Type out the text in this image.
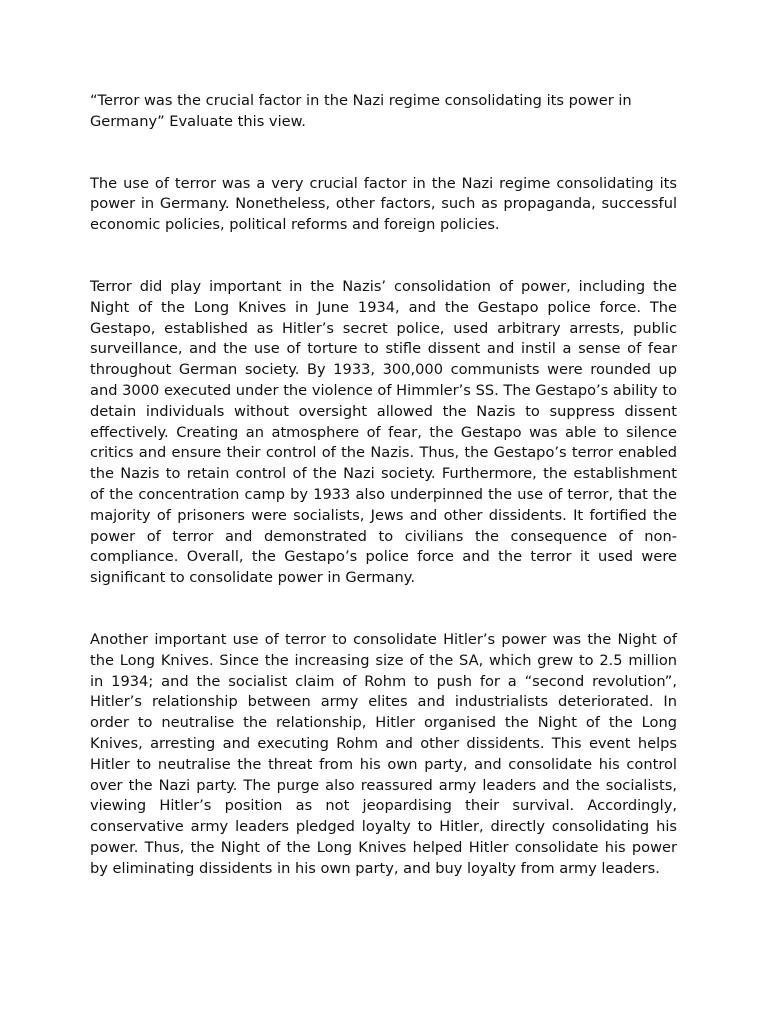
“Terror was the crucial factor in the Nazi regime consolidating its power in Germany” Evaluate this view.

The use of terror was a very crucial factor in the Nazi regime consolidating its power in Germany. Nonetheless, other factors, such as propaganda, successful economic policies, political reforms and foreign policies.

Terror did play important in the Nazis’ consolidation of power, including the Night of the Long Knives in June 1934, and the Gestapo police force. The Gestapo, established as Hitler’s secret police, used arbitrary arrests, public surveillance, and the use of torture to stifle dissent and instil a sense of fear throughout German society. By 1933, 300,000 communists were rounded up and 3000 executed under the violence of Himmler’s SS. The Gestapo’s ability to detain individuals without oversight allowed the Nazis to suppress dissent effectively. Creating an atmosphere of fear, the Gestapo was able to silence critics and ensure their control of the Nazis. Thus, the Gestapo’s terror enabled the Nazis to retain control of the Nazi society. Furthermore, the establishment of the concentration camp by 1933 also underpinned the use of terror, that the majority of prisoners were socialists, Jews and other dissidents. It fortified the power of terror and demonstrated to civilians the consequence of non-compliance. Overall, the Gestapo’s police force and the terror it used were significant to consolidate power in Germany.

Another important use of terror to consolidate Hitler’s power was the Night of the Long Knives. Since the increasing size of the SA, which grew to 2.5 million in 1934; and the socialist claim of Rohm to push for a “second revolution”, Hitler’s relationship between army elites and industrialists deteriorated. In order to neutralise the relationship, Hitler organised the Night of the Long Knives, arresting and executing Rohm and other dissidents. This event helps Hitler to neutralise the threat from his own party, and consolidate his control over the Nazi party. The purge also reassured army leaders and the socialists, viewing Hitler’s position as not jeopardising their survival. Accordingly, conservative army leaders pledged loyalty to Hitler, directly consolidating his power. Thus, the Night of the Long Knives helped Hitler consolidate his power by eliminating dissidents in his own party, and buy loyalty from army leaders.
